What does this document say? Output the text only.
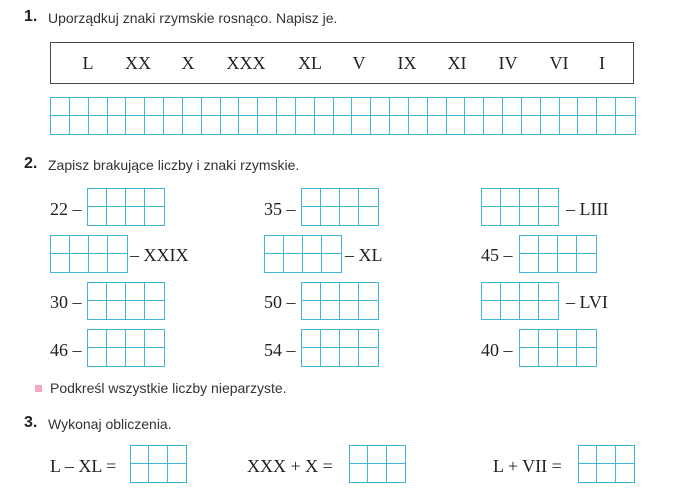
1. Uporządkuj znaki rzymskie rosnąco. Napisz je.
L XX X XXX XL V IX XI IV VI I
2. Zapisz brakujące liczby i znaki rzymskie.
22 –	35 –	– LIII
– XXIX	– XL	45 –
30 –	50 –	– LVI
46 –	54 –	40 –
Podkreśl wszystkie liczby nieparzyste.
3. Wykonaj obliczenia.
L – XL =	XXX + X =	L + VII =
